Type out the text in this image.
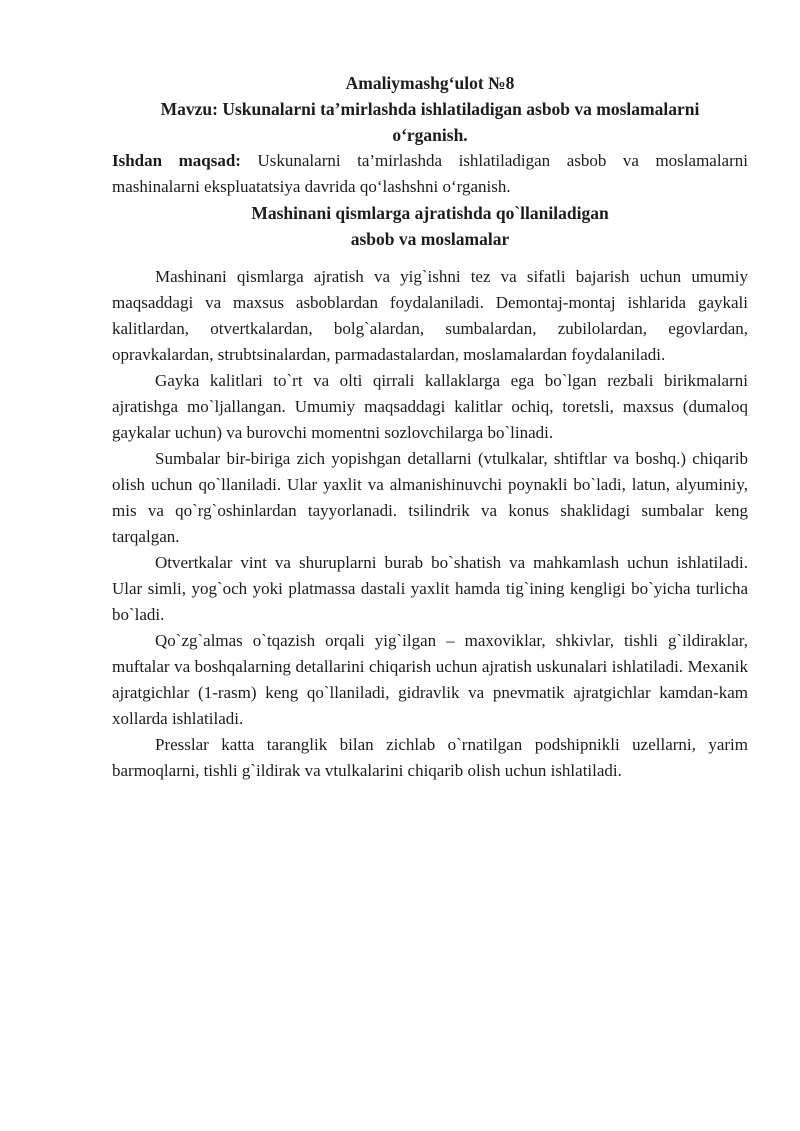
Amaliymashg‘ulot №8

Mavzu: Uskunalarni ta’mirlashda ishlatiladigan asbob va moslamalarni

o‘rganish.

Ishdan maqsad: Uskunalarni ta’mirlashda ishlatiladigan asbob va moslamalarni mashinalarni ekspluatatsiya davrida qo‘lashshni o‘rganish.

Mashinani qismlarga ajratishda qo`llaniladigan

asbob va moslamalar

Mashinani qismlarga ajratish va yig`ishni tez va sifatli bajarish uchun umumiy maqsaddagi va maxsus asboblardan foydalaniladi. Demontaj-montaj ishlarida gaykali kalitlardan, otvertkalardan, bolg`alardan, sumbalardan, zubilolardan, egovlardan, opravkalardan, strubtsinalardan, parmadastalardan, moslamalardan foydalaniladi.

Gayka kalitlari to`rt va olti qirrali kallaklarga ega bo`lgan rezbali birikmalarni ajratishga mo`ljallangan. Umumiy maqsaddagi kalitlar ochiq, toretsli, maxsus (dumaloq gaykalar uchun) va burovchi momentni sozlovchilarga bo`linadi.

Sumbalar bir-biriga zich yopishgan detallarni (vtulkalar, shtiftlar va boshq.) chiqarib olish uchun qo`llaniladi. Ular yaxlit va almanishinuvchi poynakli bo`ladi, latun, alyuminiy, mis va qo`rg`oshinlardan tayyorlanadi. tsilindrik va konus shaklidagi sumbalar keng tarqalgan.

Otvertkalar vint va shuruplarni burab bo`shatish va mahkamlash uchun ishlatiladi. Ular simli, yog`och yoki platmassa dastali yaxlit hamda tig`ining kengligi bo`yicha turlicha bo`ladi.

Qo`zg`almas o`tqazish orqali yig`ilgan – maxoviklar, shkivlar, tishli g`ildiraklar, muftalar va boshqalarning detallarini chiqarish uchun ajratish uskunalari ishlatiladi. Mexanik ajratgichlar (1-rasm) keng qo`llaniladi, gidravlik va pnevmatik ajratgichlar kamdan-kam xollarda ishlatiladi.

Presslar katta taranglik bilan zichlab o`rnatilgan podshipnikli uzellarni, yarim barmoqlarni, tishli g`ildirak va vtulkalarini chiqarib olish uchun ishlatiladi.
